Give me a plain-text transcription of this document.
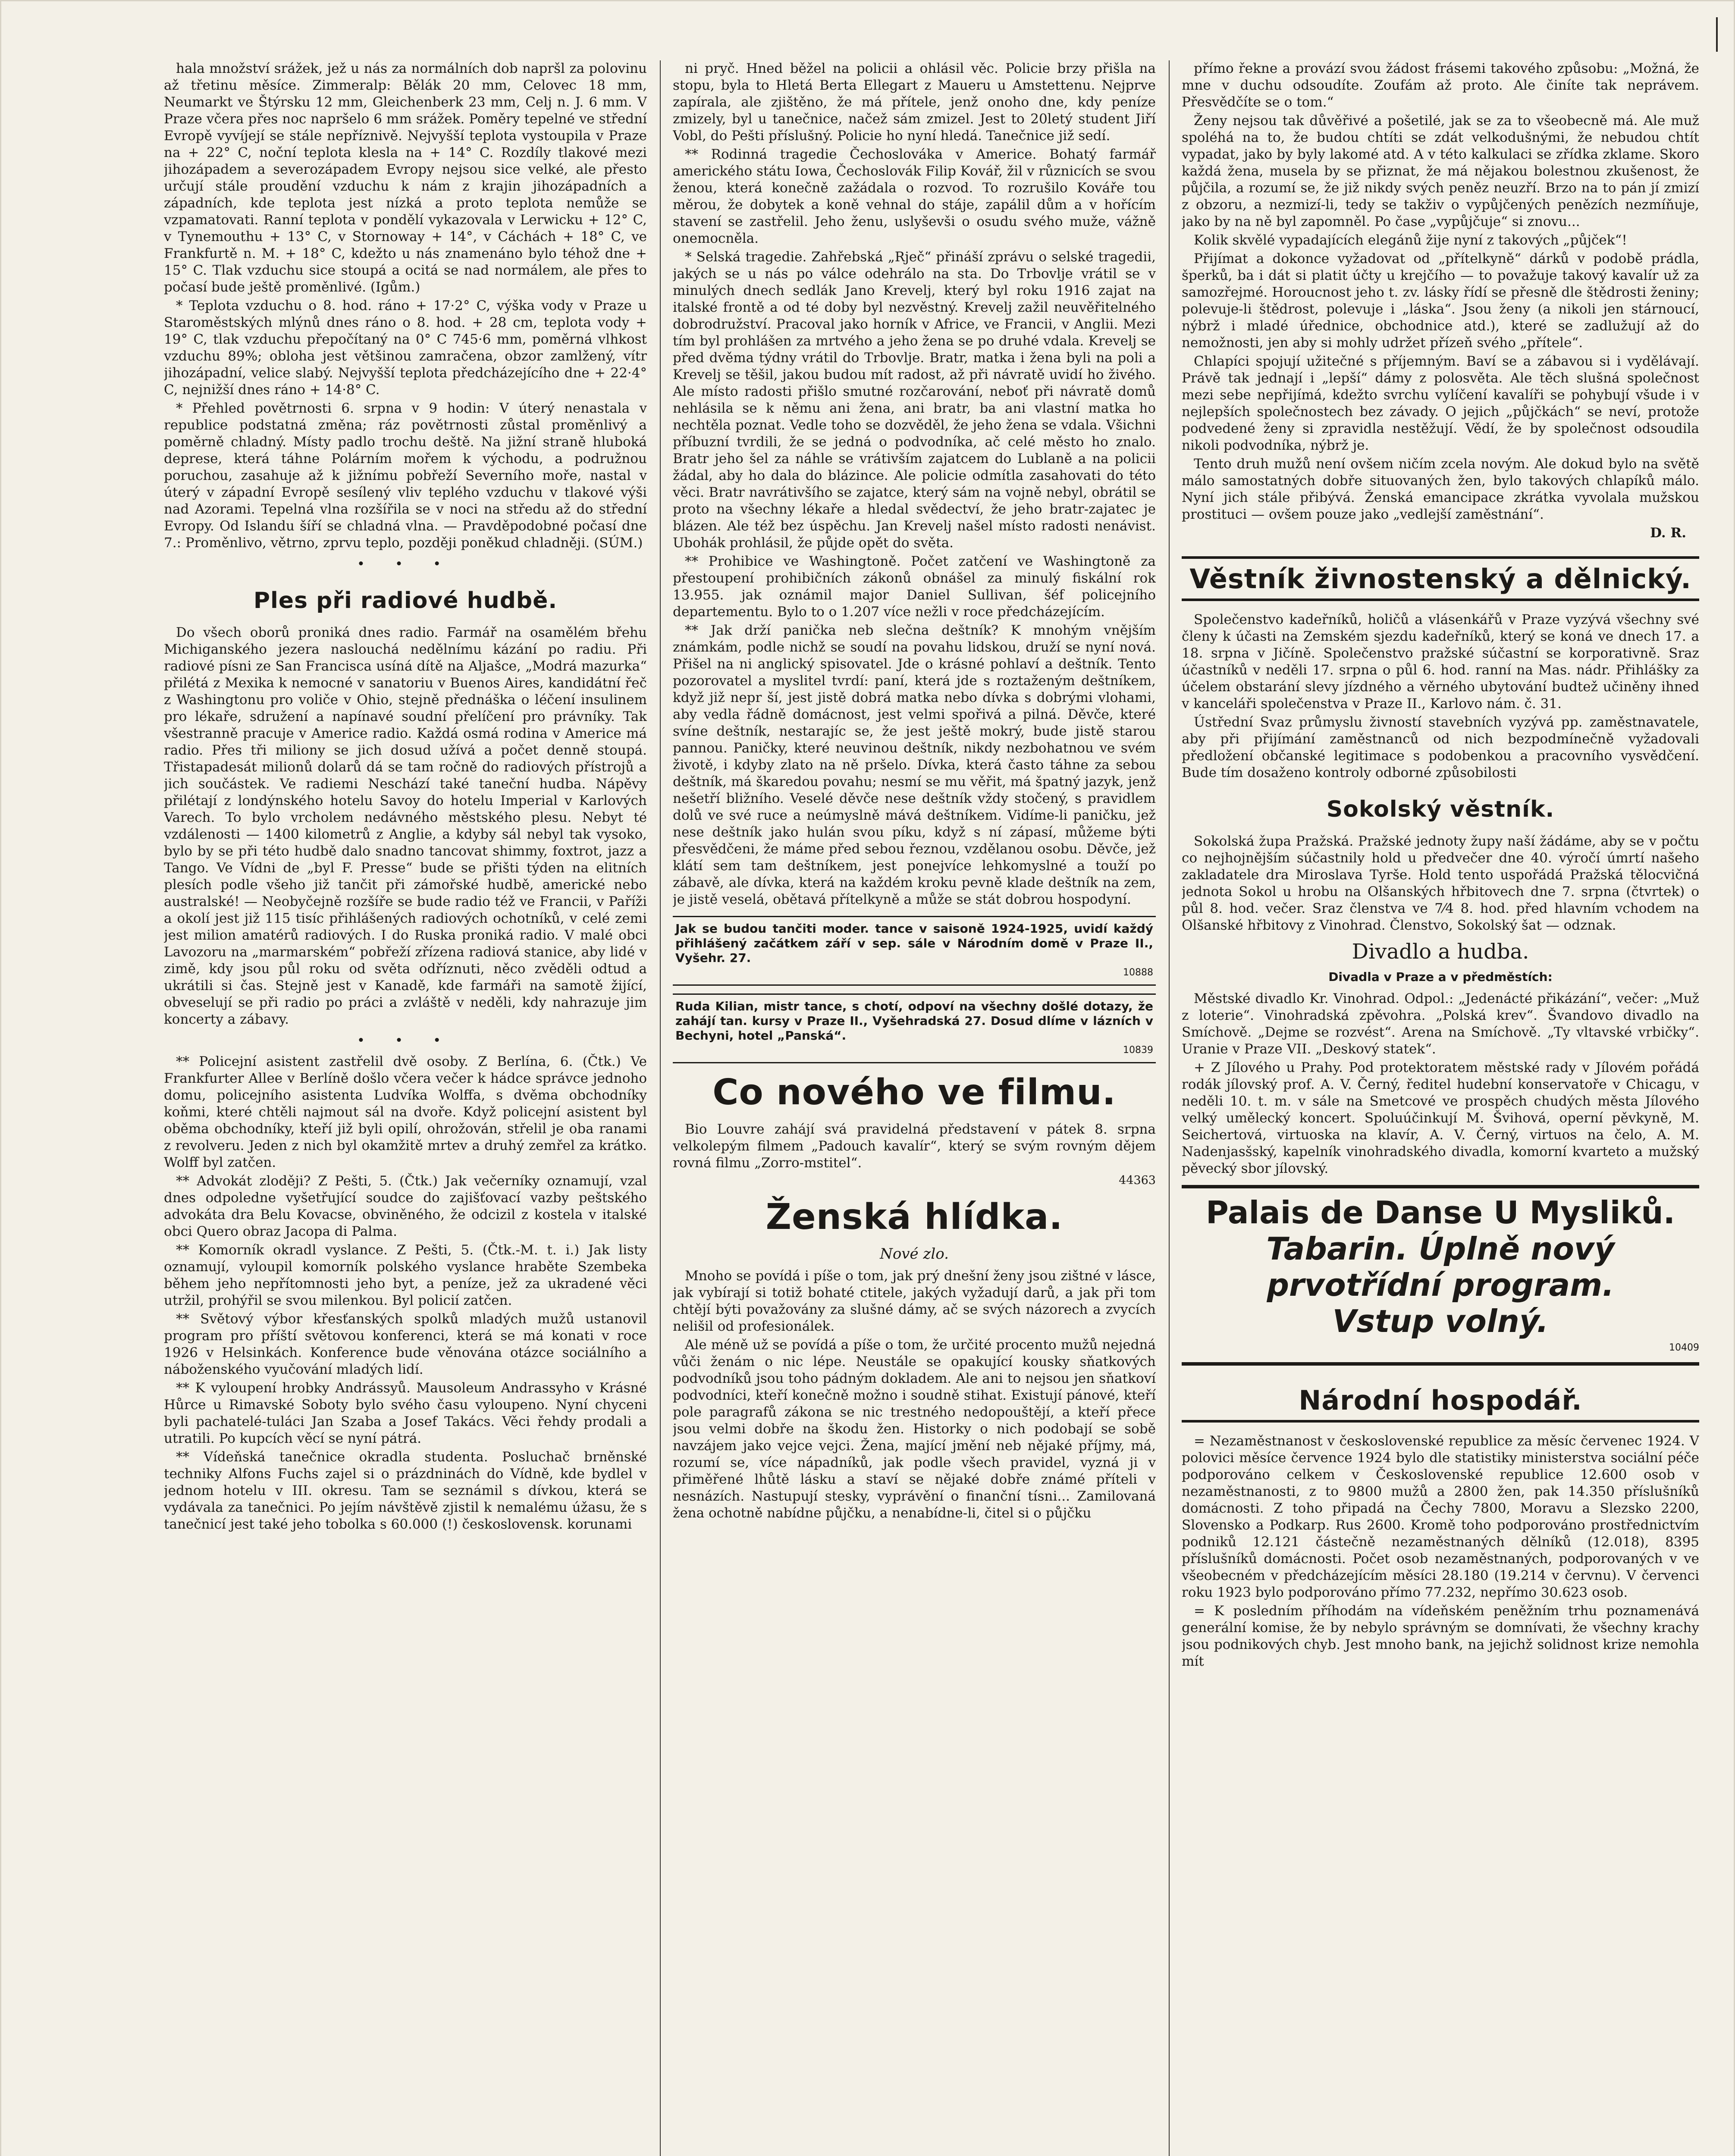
hala množství srážek, jež u nás za normálních dob napršl za polovinu až třetinu měsíce. Zimmeralp: Bělák 20 mm, Celovec 18 mm, Neumarkt ve Štýrsku 12 mm, Gleichenberk 23 mm, Celj n. J. 6 mm. V Praze včera přes noc napršelo 6 mm srážek. Poměry tepelné ve střední Evropě vyvíjejí se stále nepříznivě. Nejvyšší teplota vystoupila v Praze na + 22° C, noční teplota klesla na + 14° C. Rozdíly tlakové mezi jihozápadem a severozápadem Evropy nejsou sice velké, ale přesto určují stále proudění vzduchu k nám z krajin jihozápadních a západních, kde teplota jest nízká a proto teplota nemůže se vzpamatovati. Ranní teplota v pondělí vykazovala v Lerwicku + 12° C, v Tynemouthu + 13° C, v Stornoway + 14°, v Cáchách + 18° C, ve Frankfurtě n. M. + 18° C, kdežto u nás znamenáno bylo téhož dne + 15° C. Tlak vzduchu sice stoupá a ocitá se nad normálem, ale přes to počasí bude ještě proměnlivé. (Igům.)

* Teplota vzduchu o 8. hod. ráno + 17·2° C, výška vody v Praze u Staroměstských mlýnů dnes ráno o 8. hod. + 28 cm, teplota vody + 19° C, tlak vzduchu přepočítaný na 0° C 745·6 mm, poměrná vlhkost vzduchu 89%; obloha jest většinou zamračena, obzor zamlžený, vítr jihozápadní, velice slabý. Nejvyšší teplota předcházejícího dne + 22·4° C, nejnižší dnes ráno + 14·8° C.

* Přehled povětrnosti 6. srpna v 9 hodin: V úterý nenastala v republice podstatná změna; ráz povětrnosti zůstal proměnlivý a poměrně chladný. Místy padlo trochu deště. Na jižní straně hluboká deprese, která táhne Polárním mořem k východu, a podružnou poruchou, zasahuje až k jižnímu pobřeží Severního moře, nastal v úterý v západní Evropě sesílený vliv teplého vzduchu v tlakové výši nad Azorami. Tepelná vlna rozšířila se v noci na středu až do střední Evropy. Od Islandu šíří se chladná vlna. — Pravděpodobné počasí dne 7.: Proměnlivo, větrno, zprvu teplo, později poněkud chladněji. (SÚM.)

• • •
Ples při radiové hudbě.

Do všech oborů proniká dnes radio. Farmář na osamělém břehu Michiganského jezera naslouchá nedělnímu kázání po radiu. Při radiové písni ze San Francisca usíná dítě na Aljašce, „Modrá mazurka“ přilétá z Mexika k nemocné v sanatoriu v Buenos Aires, kandidátní řeč z Washingtonu pro voliče v Ohio, stejně přednáška o léčení insulinem pro lékaře, sdružení a napínavé soudní přelíčení pro právníky. Tak všestranně pracuje v Americe radio. Každá osmá rodina v Americe má radio. Přes tři miliony se jich dosud užívá a počet denně stoupá. Třistapadesát milionů dolarů dá se tam ročně do radiových přístrojů a jich součástek. Ve radiemi Neschází také taneční hudba. Nápěvy přilétají z londýnského hotelu Savoy do hotelu Imperial v Karlových Varech. To bylo vrcholem nedávného městského plesu. Nebyt té vzdálenosti — 1400 kilometrů z Anglie, a kdyby sál nebyl tak vysoko, bylo by se při této hudbě dalo snadno tancovat shimmy, foxtrot, jazz a Tango. Ve Vídni de „byl F. Presse“ bude se přišti týden na elitních plesích podle všeho již tančit při zámořské hudbě, americké nebo australské! — Neobyčejně rozšíře se bude radio též ve Francii, v Paříži a okolí jest již 115 tisíc přihlášených radiových ochotníků, v celé zemi jest milion amatérů radiových. I do Ruska proniká radio. V malé obci Lavozoru na „marmarském“ pobřeží zřízena radiová stanice, aby lidé v zimě, kdy jsou půl roku od světa odříznuti, něco zvěděli odtud a ukrátili si čas. Stejně jest v Kanadě, kde farmáři na samotě žijící, obveselují se při radio po práci a zvláště v neděli, kdy nahrazuje jim koncerty a zábavy.

• • •

** Policejní asistent zastřelil dvě osoby. Z Berlína, 6. (Čtk.) Ve Frankfurter Allee v Berlíně došlo včera večer k hádce správce jednoho domu, policejního asistenta Ludvíka Wolffa, s dvěma obchodníky koňmi, které chtěli najmout sál na dvoře. Když policejní asistent byl oběma obchodníky, kteří již byli opilí, ohrožován, střelil je oba ranami z revolveru. Jeden z nich byl okamžitě mrtev a druhý zemřel za krátko. Wolff byl zatčen.

** Advokát zloději? Z Pešti, 5. (Čtk.) Jak večerníky oznamují, vzal dnes odpoledne vyšetřující soudce do zajišťovací vazby peštského advokáta dra Belu Kovacse, obviněného, že odcizil z kostela v italské obci Quero obraz Jacopa di Palma.

** Komorník okradl vyslance. Z Pešti, 5. (Čtk.-M. t. i.) Jak listy oznamují, vyloupil komorník polského vyslance hraběte Szembeka během jeho nepřítomnosti jeho byt, a peníze, jež za ukradené věci utržil, prohýřil se svou milenkou. Byl policií zatčen.

** Světový výbor křesťanských spolků mladých mužů ustanovil program pro příští světovou konferenci, která se má konati v roce 1926 v Helsinkách. Konference bude věnována otázce sociálního a náboženského vyučování mladých lidí.

** K vyloupení hrobky Andrássyů. Mausoleum Andrassyho v Krásné Hůrce u Rimavské Soboty bylo svého času vyloupeno. Nyní chyceni byli pachatelé-tuláci Jan Szaba a Josef Takács. Věci řehdy prodali a utratili. Po kupcích věcí se nyní pátrá.

** Vídeňská tanečnice okradla studenta. Posluchač brněnské techniky Alfons Fuchs zajel si o prázdninách do Vídně, kde bydlel v jednom hotelu v III. okresu. Tam se seznámil s dívkou, která se vydávala za tanečnici. Po jejím návštěvě zjistil k nemalému úžasu, že s tanečnicí jest také jeho tobolka s 60.000 (!) československ. korunami

ni pryč. Hned běžel na policii a ohlásil věc. Policie brzy přišla na stopu, byla to Hletá Berta Ellegart z Maueru u Amstettenu. Nejprve zapírala, ale zjištěno, že má přítele, jenž onoho dne, kdy peníze zmizely, byl u tanečnice, načež sám zmizel. Jest to 20letý student Jiří Vobl, do Pešti příslušný. Policie ho nyní hledá. Tanečnice již sedí.

** Rodinná tragedie Čechoslováka v Americe. Bohatý farmář amerického státu Iowa, Čechoslovák Filip Kovář, žil v různicích se svou ženou, která konečně zažádala o rozvod. To rozrušilo Kováře tou měrou, že dobytek a koně vehnal do stáje, zapálil dům a v hořícím stavení se zastřelil. Jeho ženu, uslyševši o osudu svého muže, vážně onemocněla.

* Selská tragedie. Zahřebská „Rječ“ přináší zprávu o selské tragedii, jakých se u nás po válce odehrálo na sta. Do Trbovlje vrátil se v minulých dnech sedlák Jano Krevelj, který byl roku 1916 zajat na italské frontě a od té doby byl nezvěstný. Krevelj zažil neuvěřitelného dobrodružství. Pracoval jako horník v Africe, ve Francii, v Anglii. Mezi tím byl prohlášen za mrtvého a jeho žena se po druhé vdala. Krevelj se před dvěma týdny vrátil do Trbovlje. Bratr, matka i žena byli na poli a Krevelj se těšil, jakou budou mít radost, až při návratě uvidí ho živého. Ale místo radosti přišlo smutné rozčarování, neboť při návratě domů nehlásila se k němu ani žena, ani bratr, ba ani vlastní matka ho nechtěla poznat. Vedle toho se dozvěděl, že jeho žena se vdala. Všichni příbuzní tvrdili, že se jedná o podvodníka, ač celé město ho znalo. Bratr jeho šel za náhle se vrátivším zajatcem do Lublaně a na policii žádal, aby ho dala do blázince. Ale policie odmítla zasahovati do této věci. Bratr navrátivšího se zajatce, který sám na vojně nebyl, obrátil se proto na všechny lékaře a hledal svědectví, že jeho bratr-zajatec je blázen. Ale též bez úspěchu. Jan Krevelj našel místo radosti nenávist. Ubohák prohlásil, že půjde opět do světa.

** Prohibice ve Washingtoně. Počet zatčení ve Washingtoně za přestoupení prohibičních zákonů obnášel za minulý fiskální rok 13.955. jak oznámil major Daniel Sullivan, šéf policejního departementu. Bylo to o 1.207 více nežli v roce předcházejícím.

** Jak drží panička neb slečna deštník? K mnohým vnějším známkám, podle nichž se soudí na povahu lidskou, druží se nyní nová. Přišel na ni anglický spisovatel. Jde o krásné pohlaví a deštník. Tento pozorovatel a myslitel tvrdí: paní, která jde s roztaženým deštníkem, když již nepr ší, jest jistě dobrá matka nebo dívka s dobrými vlohami, aby vedla řádně domácnost, jest velmi spořivá a pilná. Děvče, které svíne deštník, nestarajíc se, že jest ještě mokrý, bude jistě starou pannou. Paničky, které neuvinou deštník, nikdy nezbohatnou ve svém životě, i kdyby zlato na ně pršelo. Dívka, která často táhne za sebou deštník, má škaredou povahu; nesmí se mu věřit, má špatný jazyk, jenž nešetří bližního. Veselé děvče nese deštník vždy stočený, s pravidlem dolů ve své ruce a neúmyslně mává deštníkem. Vidíme-li paničku, jež nese deštník jako hulán svou píku, když s ní zápasí, můžeme býti přesvědčeni, že máme před sebou řeznou, vzdělanou osobu. Děvče, jež klátí sem tam deštníkem, jest ponejvíce lehkomyslné a touží po zábavě, ale dívka, která na každém kroku pevně klade deštník na zem, je jistě veselá, obětavá přítelkyně a může se stát dobrou hospodyní.

Jak se budou tančiti moder. tance v saisoně 1924-1925, uvidí každý přihlášený začátkem září v sep. sále v Národním domě v Praze II., Vyšehr. 27.
10888
Ruda Kilian, mistr tance, s chotí, odpoví na všechny došlé dotazy, že zahájí tan. kursy v Praze II., Vyšehradská 27. Dosud dlíme v lázních v Bechyni, hotel „Panská“.
10839
Co nového ve filmu.

Bio Louvre zahájí svá pravidelná představení v pátek 8. srpna velkolepým filmem „Padouch kavalír“, který se svým rovným dějem rovná filmu „Zorro-mstitel“.

44363

Ženská hlídka.
Nové zlo.

Mnoho se povídá i píše o tom, jak prý dnešní ženy jsou zištné v lásce, jak vybírají si totiž bohaté ctitele, jakých vyžadují darů, a jak při tom chtějí býti považovány za slušné dámy, ač se svých názorech a zvycích nelišil od profesionálek.

Ale méně už se povídá a píše o tom, že určité procento mužů nejedná vůči ženám o nic lépe. Neustále se opakující kousky sňatkových podvodníků jsou toho pádným dokladem. Ale ani to nejsou jen sňatkoví podvodníci, kteří konečně možno i soudně stihat. Existují pánové, kteří pole paragrafů zákona se nic trestného nedopouštějí, a kteří přece jsou velmi dobře na škodu žen. Historky o nich podobají se sobě navzájem jako vejce vejci. Žena, mající jmění neb nějaké příjmy, má, rozumí se, více nápadníků, jak podle všech pravidel, vyzná ji v přiměřené lhůtě lásku a staví se nějaké dobře známé příteli v nesnázích. Nastupují stesky, vyprávění o finanční tísni... Zamilovaná žena ochotně nabídne půjčku, a nenabídne-li, čitel si o půjčku

přímo řekne a provází svou žádost frásemi takového způsobu: „Možná, že mne v duchu odsoudíte. Zoufám až proto. Ale činíte tak neprávem. Přesvědčíte se o tom.“

Ženy nejsou tak důvěřivé a pošetilé, jak se za to všeobecně má. Ale muž spoléhá na to, že budou chtíti se zdát velkodušnými, že nebudou chtít vypadat, jako by byly lakomé atd. A v této kalkulaci se zřídka zklame. Skoro každá žena, musela by se přiznat, že má nějakou bolestnou zkušenost, že půjčila, a rozumí se, že již nikdy svých peněz neuzří. Brzo na to pán jí zmizí z obzoru, a nezmizí-li, tedy se takživ o vypůjčených penězích nezmíňuje, jako by na ně byl zapomněl. Po čase „vypůjčuje“ si znovu...

Kolik skvělé vypadajících elegánů žije nyní z takových „půjček“!

Přijímat a dokonce vyžadovat od „přítelkyně“ dárků v podobě prádla, šperků, ba i dát si platit účty u krejčího — to považuje takový kavalír už za samozřejmé. Horoucnost jeho t. zv. lásky řídí se přesně dle štědrosti ženiny; polevuje-li štědrost, polevuje i „láska“. Jsou ženy (a nikoli jen stárnoucí, nýbrž i mladé úřednice, obchodnice atd.), které se zadlužují až do nemožnosti, jen aby si mohly udržet přízeň svého „přítele“.

Chlapíci spojují užitečné s příjemným. Baví se a zábavou si i vydělávají. Právě tak jednají i „lepší“ dámy z polosvěta. Ale těch slušná společnost mezi sebe nepřijímá, kdežto svrchu vylíčení kavalíři se pohybují všude i v nejlepších společnostech bez závady. O jejich „půjčkách“ se neví, protože podvedené ženy si zpravidla nestěžují. Vědí, že by společnost odsoudila nikoli podvodníka, nýbrž je.

Tento druh mužů není ovšem ničím zcela novým. Ale dokud bylo na světě málo samostatných dobře situovaných žen, bylo takových chlapíků málo. Nyní jich stále přibývá. Ženská emancipace zkrátka vyvolala mužskou prostituci — ovšem pouze jako „vedlejší zaměstnání“.

D. R.
Věstník živnostenský a dělnický.

Společenstvo kadeřníků, holičů a vlásenkářů v Praze vyzývá všechny své členy k účasti na Zemském sjezdu kadeřníků, který se koná ve dnech 17. a 18. srpna v Jičíně. Společenstvo pražské súčastní se korporativně. Sraz účastníků v neděli 17. srpna o půl 6. hod. ranní na Mas. nádr. Přihlášky za účelem obstarání slevy jízdného a věrného ubytování budtež učiněny ihned v kanceláři společenstva v Praze II., Karlovo nám. č. 31.

Ústřední Svaz průmyslu živností stavebních vyzývá pp. zaměstnavatele, aby při přijímání zaměstnanců od nich bezpodmínečně vyžadovali předložení občanské legitimace s podobenkou a pracovního vysvědčení. Bude tím dosaženo kontroly odborné způsobilosti

Sokolský věstník.

Sokolská župa Pražská. Pražské jednoty župy naší žádáme, aby se v počtu co nejhojnějším súčastnily hold u předvečer dne 40. výročí úmrtí našeho zakladatele dra Miroslava Tyrše. Hold tento uspořádá Pražská tělocvičná jednota Sokol u hrobu na Olšanských hřbitovech dne 7. srpna (čtvrtek) o půl 8. hod. večer. Sraz členstva ve 7⁄4 8. hod. před hlavním vchodem na Olšanské hřbitovy z Vinohrad. Členstvo, Sokolský šat — odznak.

Divadlo a hudba.
Divadla v Praze a v předměstích:

Městské divadlo Kr. Vinohrad. Odpol.: „Jedenácté přikázání“, večer: „Muž z loterie“. Vinohradská zpěvohra. „Polská krev“. Švandovo divadlo na Smíchově. „Dejme se rozvést“. Arena na Smíchově. „Ty vltavské vrbičky“. Uranie v Praze VII. „Deskový statek“.

+ Z Jílového u Prahy. Pod protektoratem městské rady v Jílovém pořádá rodák jílovský prof. A. V. Černý, ředitel hudební konservatoře v Chicagu, v neděli 10. t. m. v sále na Smetcové ve prospěch chudých města Jílového velký umělecký koncert. Spoluúčinkují M. Švihová, operní pěvkyně, M. Seichertová, virtuoska na klavír, A. V. Černý, virtuos na čelo, A. M. Nadenjasšský, kapelník vinohradského divadla, komorní kvarteto a mužský pěvecký sbor jílovský.

Palais de Danse U Mysliků.
Tabarin. Úplně nový prvotřídní program.
Vstup volný.
10409
Národní hospodář.

= Nezaměstnanost v československé republice za měsíc červenec 1924. V polovici měsíce července 1924 bylo dle statistiky ministerstva sociální péče podporováno celkem v Československé republice 12.600 osob v nezaměstnanosti, z to 9800 mužů a 2800 žen, pak 14.350 příslušníků domácnosti. Z toho připadá na Čechy 7800, Moravu a Slezsko 2200, Slovensko a Podkarp. Rus 2600. Kromě toho podporováno prostřednictvím podniků 12.121 částečně nezaměstnaných dělníků (12.018), 8395 příslušníků domácnosti. Počet osob nezaměstnaných, podporovaných v ve všeobecném v předcházejícím měsíci 28.180 (19.214 v červnu). V červenci roku 1923 bylo podporováno přímo 77.232, nepřímo 30.623 osob.

= K posledním příhodám na vídeňském peněžním trhu poznamenává generální komise, že by nebylo správným se domnívati, že všechny krachy jsou podnikových chyb. Jest mnoho bank, na jejichž solidnost krize nemohla mít
